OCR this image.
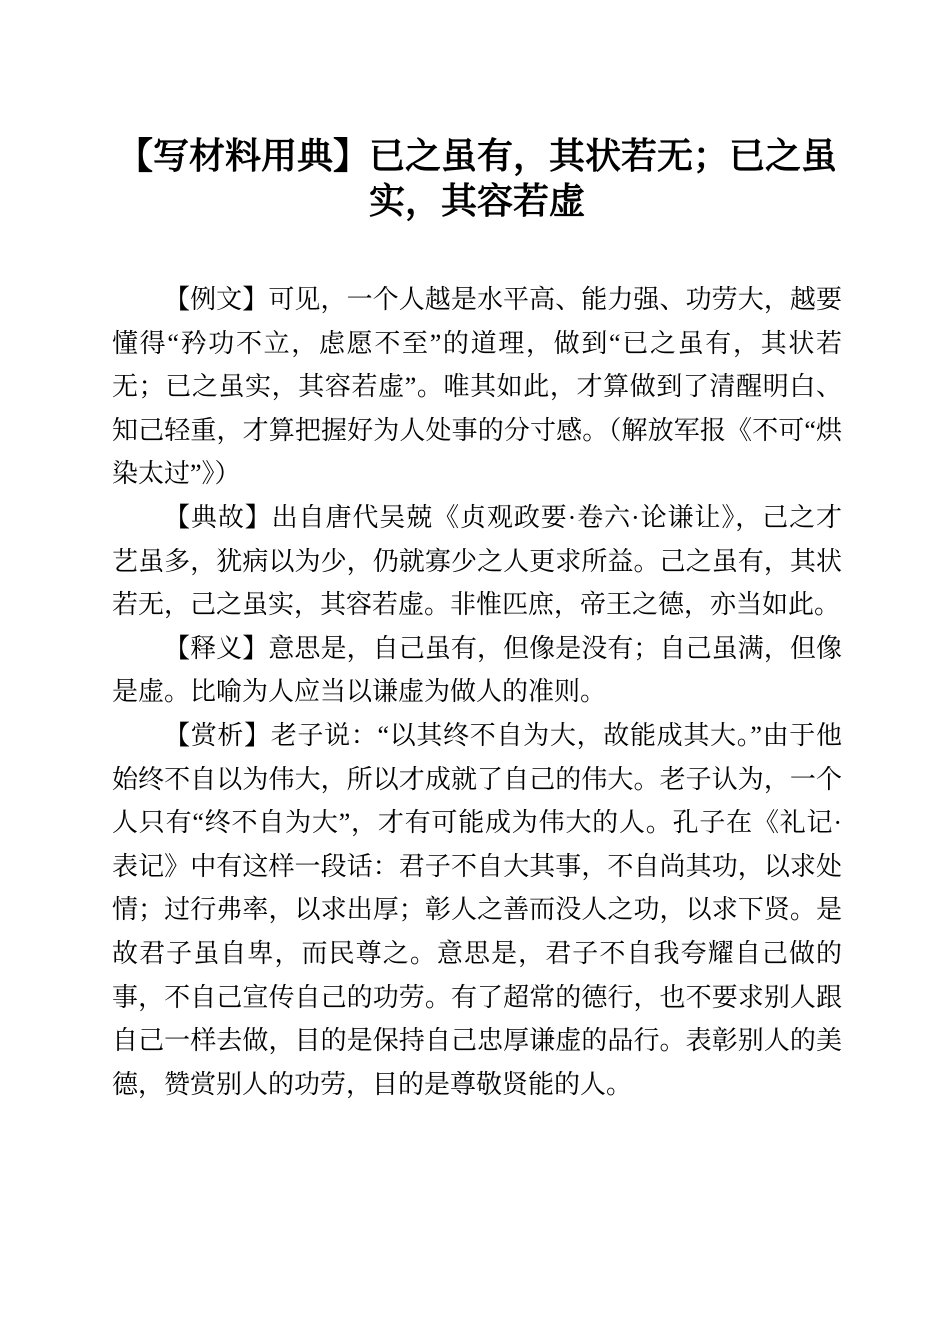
【写材料用典】已之虽有，其状若无；已之虽实，其容若虚

【例文】可见，一个人越是水平高、能力强、功劳大，越要懂得“矜功不立，虑愿不至”的道理，做到“已之虽有，其状若无；已之虽实，其容若虚”。唯其如此，才算做到了清醒明白、知己轻重，才算把握好为人处事的分寸感。（解放军报《不可“烘染太过”》）

【典故】出自唐代吴兢《贞观政要·卷六·论谦让》，己之才艺虽多，犹病以为少，仍就寡少之人更求所益。己之虽有，其状若无，己之虽实，其容若虚。非惟匹庶，帝王之德，亦当如此。

【释义】意思是，自己虽有，但像是没有；自己虽满，但像是虚。比喻为人应当以谦虚为做人的准则。

【赏析】老子说：“以其终不自为大，故能成其大。”由于他始终不自以为伟大，所以才成就了自己的伟大。老子认为，一个人只有“终不自为大”，才有可能成为伟大的人。孔子在《礼记·表记》中有这样一段话：君子不自大其事，不自尚其功，以求处情；过行弗率，以求出厚；彰人之善而没人之功，以求下贤。是故君子虽自卑，而民尊之。意思是，君子不自我夸耀自己做的事，不自己宣传自己的功劳。有了超常的德行，也不要求别人跟自己一样去做，目的是保持自己忠厚谦虚的品行。表彰别人的美德，赞赏别人的功劳，目的是尊敬贤能的人。
